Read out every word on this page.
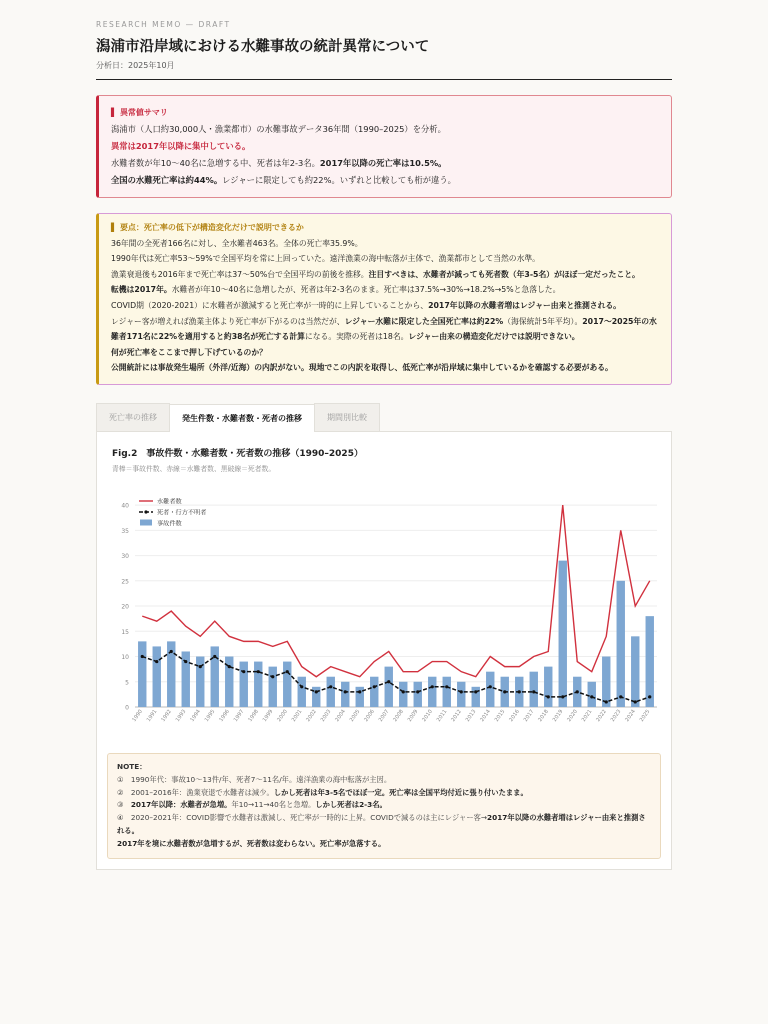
RESEARCH MEMO — DRAFT
潟浦市沿岸域における水難事故の統計異常について
分析日：2025年10月
▌ 異常値サマリ
潟浦市（人口約30,000人・漁業都市）の水難事故データ36年間（1990–2025）を分析。
異常は2017年以降に集中している。
水難者数が年10〜40名に急増する中、死者は年2-3名。2017年以降の死亡率は10.5%。
全国の水難死亡率は約44%。レジャーに限定しても約22%。いずれと比較しても桁が違う。
▌ 要点：死亡率の低下が構造変化だけで説明できるか
36年間の全死者166名に対し、全水難者463名。全体の死亡率35.9%。
1990年代は死亡率53〜59%で全国平均を常に上回っていた。遠洋漁業の海中転落が主体で、漁業都市として当然の水準。
漁業衰退後も2016年まで死亡率は37〜50%台で全国平均の前後を推移。注目すべきは、水難者が減っても死者数（年3-5名）がほぼ一定だったこと。
転機は2017年。水難者が年10〜40名に急増したが、死者は年2-3名のまま。死亡率は37.5%→30%→18.2%→5%と急落した。
COVID期（2020-2021）に水難者が激減すると死亡率が一時的に上昇していることから、2017年以降の水難者増はレジャー由来と推測される。
レジャー客が増えれば漁業主体より死亡率が下がるのは当然だが、レジャー水難に限定した全国死亡率は約22%（海保統計5年平均）。2017〜2025年の水難者171名に22%を適用すると約38名が死亡する計算になる。実際の死者は18名。レジャー由来の構造変化だけでは説明できない。
何が死亡率をここまで押し下げているのか？
公開統計には事故発生場所（外洋/近海）の内訳がない。現地でこの内訳を取得し、低死亡率が沿岸域に集中しているかを確認する必要がある。
死亡率の推移	発生件数・水難者数・死者の推移	期間別比較
Fig.2　事故件数・水難者数・死者数の推移（1990–2025）
青棒＝事故件数、赤線＝水難者数、黒破線＝死者数。
0
5
10
15
20
25
30
35
40
1990 1991 1992 1993 1994 1995 1996 1997 1998 1999 2000 2001 2002 2003 2004 2005 2006 2007 2008 2009 2010 2011 2012 2013 2014 2015 2016 2017 2018 2019 2020 2021 2022 2023 2024 2025
水難者数
死者・行方不明者
事故件数
NOTE：
①　1990年代：事故10〜13件/年、死者7〜11名/年。遠洋漁業の海中転落が主因。
②　2001–2016年：漁業衰退で水難者は減少。しかし死者は年3-5名でほぼ一定。死亡率は全国平均付近に張り付いたまま。
③　2017年以降：水難者が急増。年10→11→40名と急増。しかし死者は2-3名。
④　2020–2021年：COVID影響で水難者は激減し、死亡率が一時的に上昇。COVIDで減るのは主にレジャー客→2017年以降の水難者増はレジャー由来と推測される。
2017年を境に水難者数が急増するが、死者数は変わらない。死亡率が急落する。
